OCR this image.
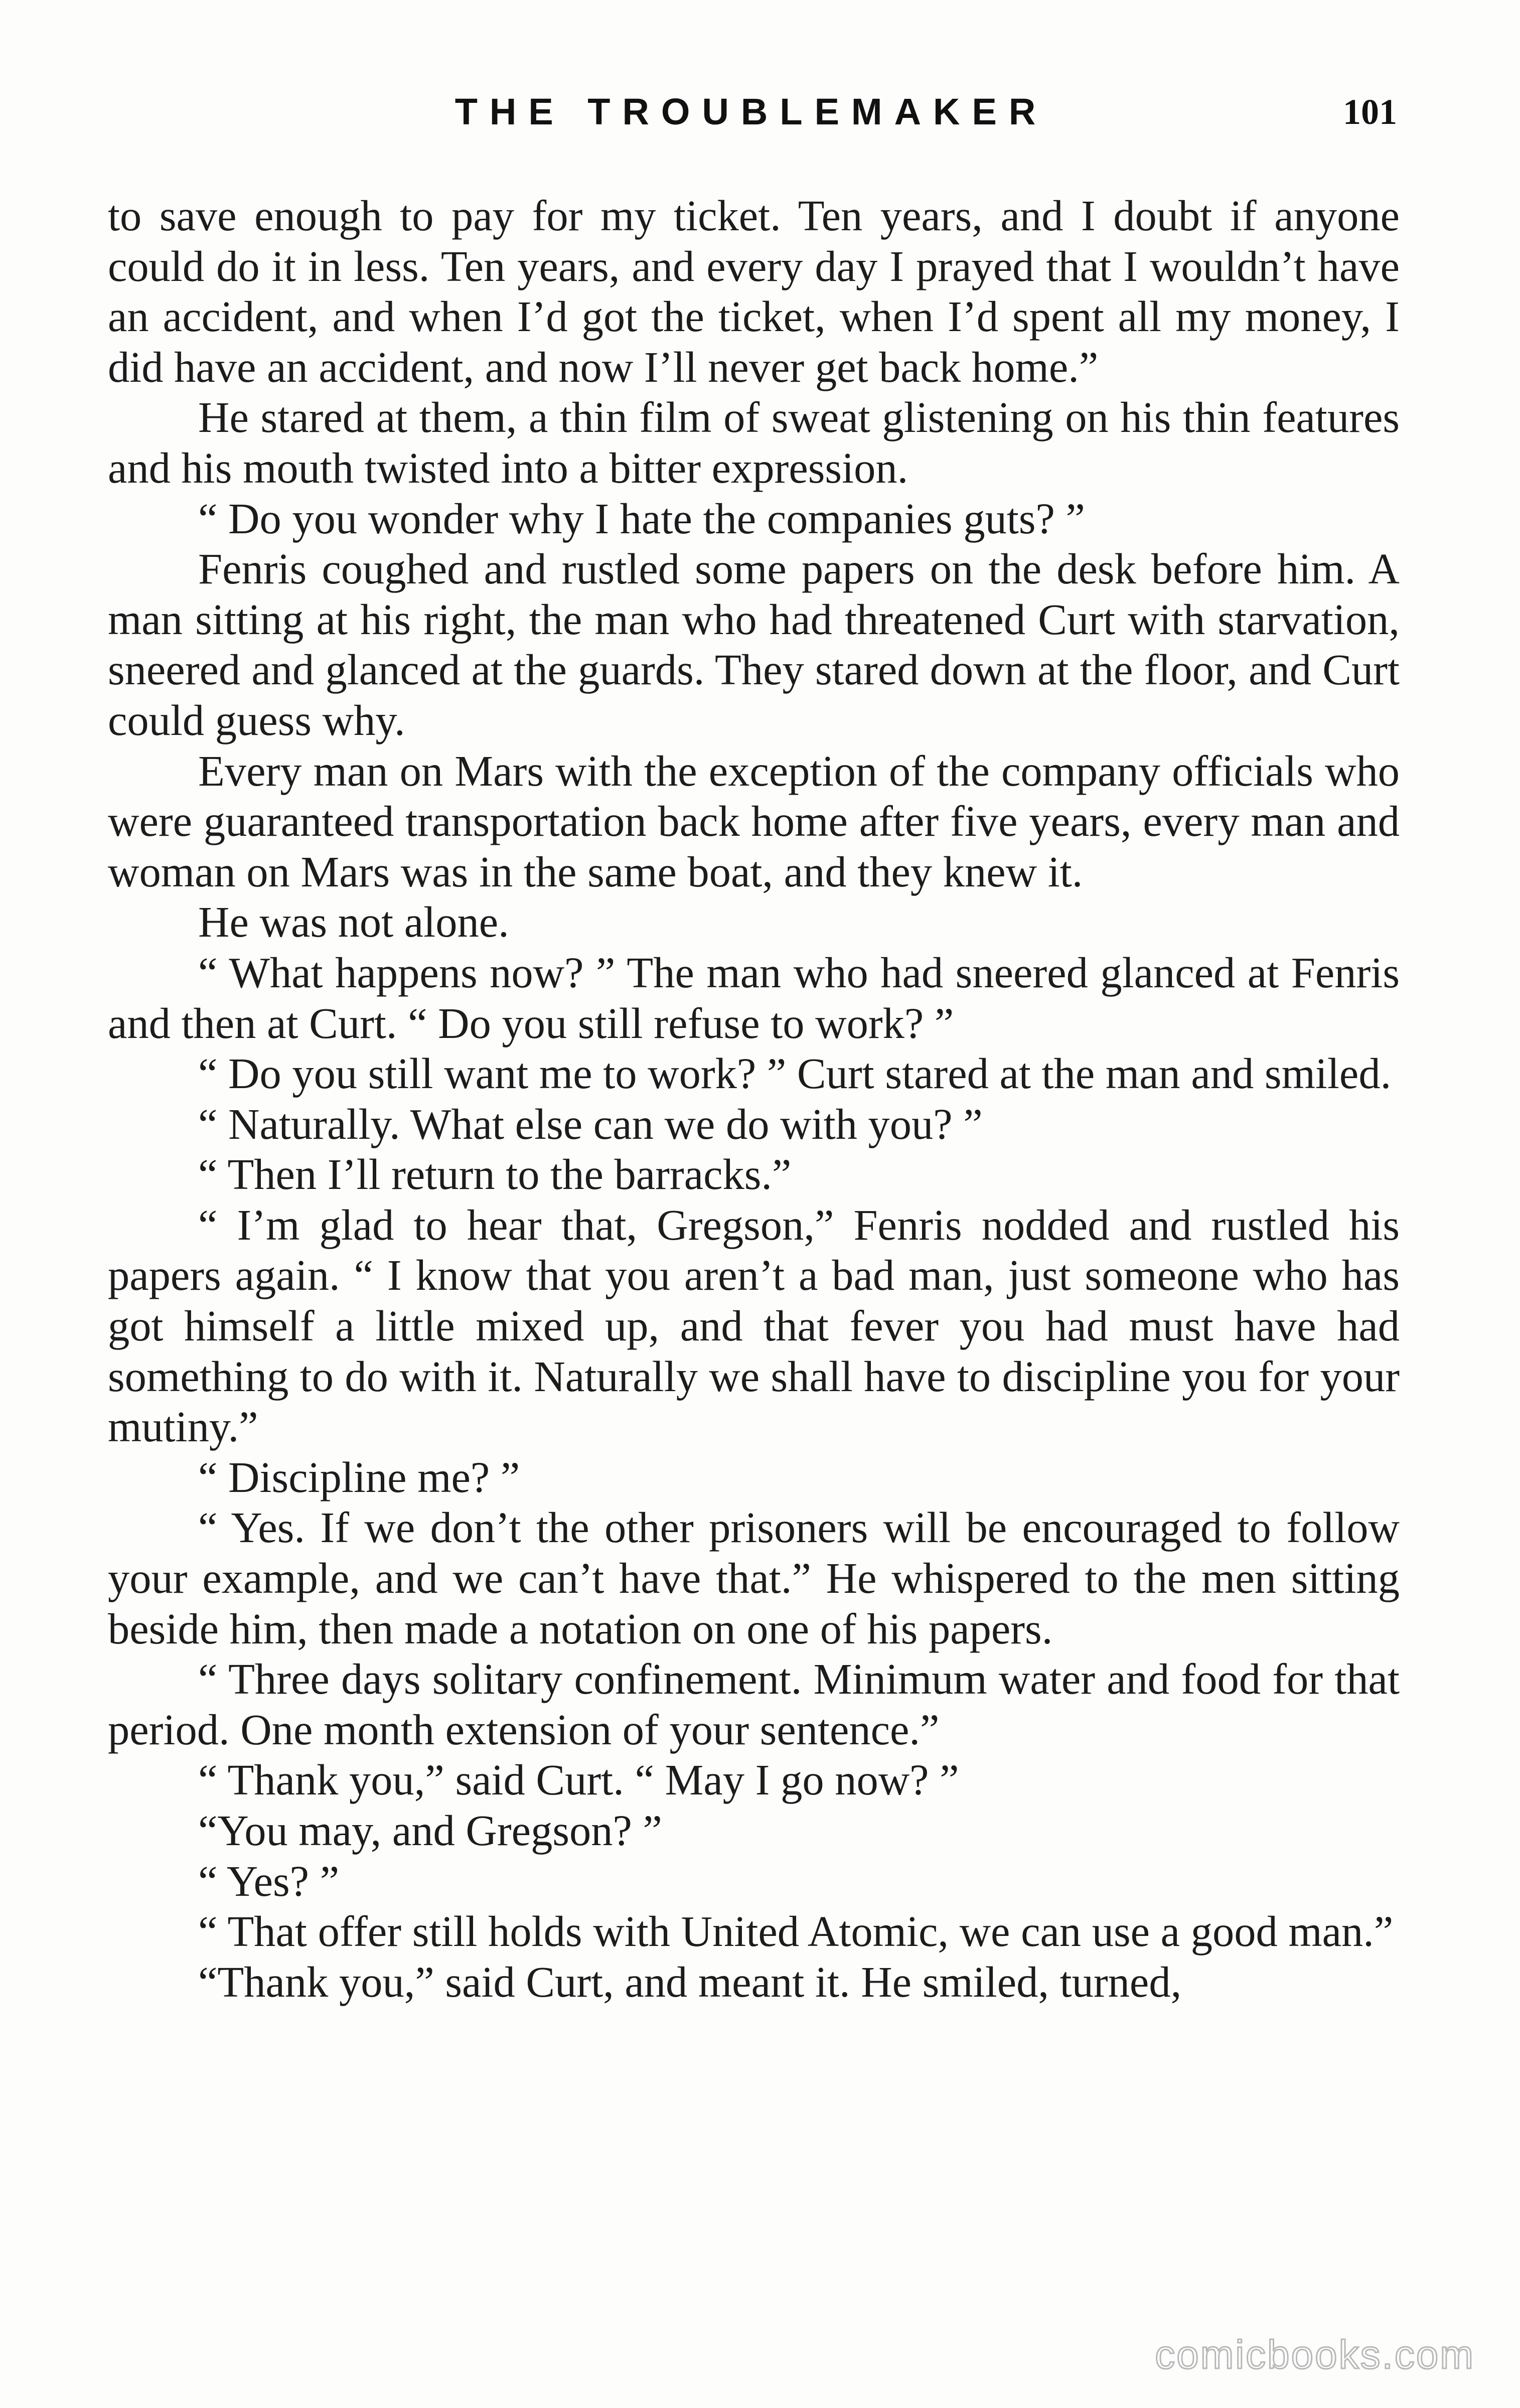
THE TROUBLEMAKER	101

to save enough to pay for my ticket. Ten years, and I doubt if anyone could do it in less. Ten years, and every day I prayed that I wouldn’t have an accident, and when I’d got the ticket, when I’d spent all my money, I did have an accident, and now I’ll never get back home.”

He stared at them, a thin film of sweat glistening on his thin features and his mouth twisted into a bitter expression.

“ Do you wonder why I hate the companies guts? ”

Fenris coughed and rustled some papers on the desk before him. A man sitting at his right, the man who had threatened Curt with starvation, sneered and glanced at the guards. They stared down at the floor, and Curt could guess why.

Every man on Mars with the exception of the company officials who were guaranteed transportation back home after five years, every man and woman on Mars was in the same boat, and they knew it.

He was not alone.

“ What happens now? ” The man who had sneered glanced at Fenris and then at Curt. “ Do you still refuse to work? ”

“ Do you still want me to work? ” Curt stared at the man and smiled.

“ Naturally. What else can we do with you? ”

“ Then I’ll return to the barracks.”

“ I’m glad to hear that, Gregson,” Fenris nodded and rustled his papers again. “ I know that you aren’t a bad man, just someone who has got himself a little mixed up, and that fever you had must have had something to do with it. Naturally we shall have to discipline you for your mutiny.”

“ Discipline me? ”

“ Yes. If we don’t the other prisoners will be encouraged to follow your example, and we can’t have that.” He whispered to the men sitting beside him, then made a notation on one of his papers.

“ Three days solitary confinement. Minimum water and food for that period. One month extension of your sentence.”

“ Thank you,” said Curt. “ May I go now? ”

“You may, and Gregson? ”

“ Yes? ”

“ That offer still holds with United Atomic, we can use a good man.”

“Thank you,” said Curt, and meant it. He smiled, turned,

comicbooks.com
